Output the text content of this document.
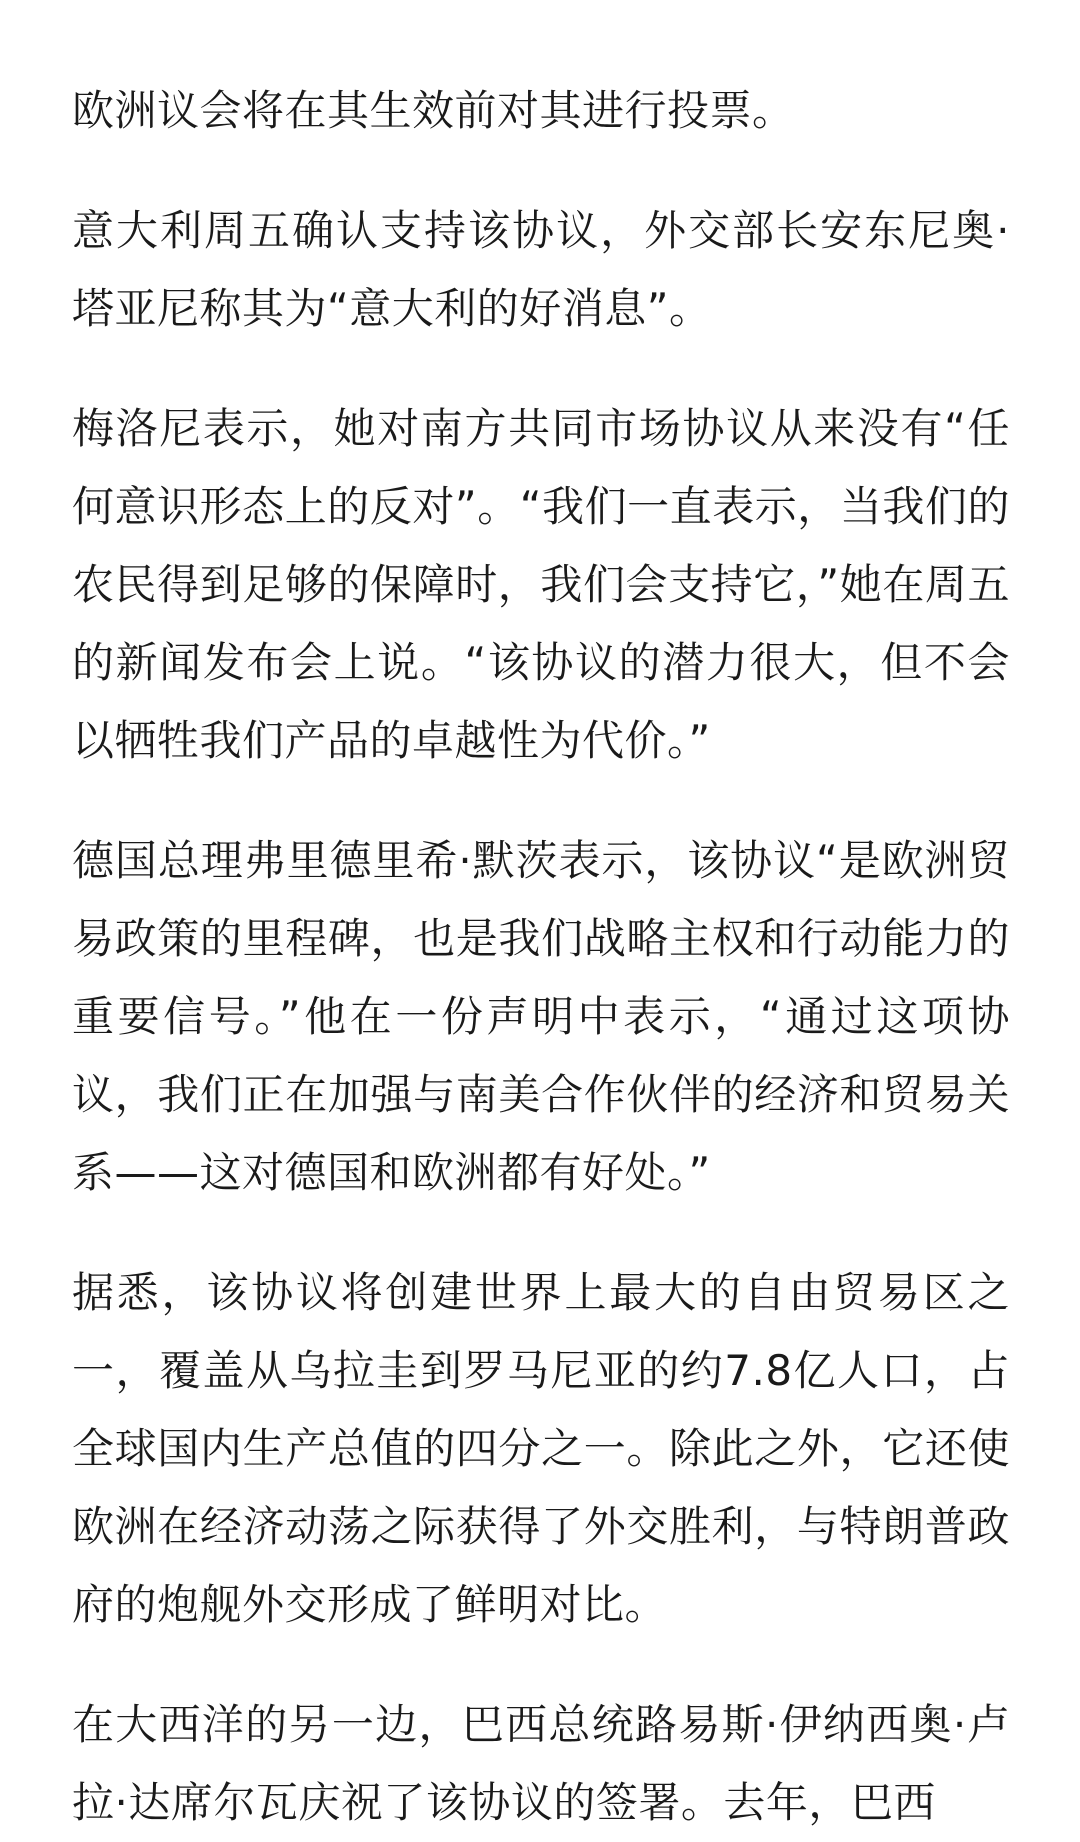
欧洲议会将在其生效前对其进行投票。

意大利周五确认支持该协议，外交部长安东尼奥·塔亚尼称其为“意大利的好消息”。

梅洛尼表示，她对南方共同市场协议从来没有“任何意识形态上的反对”。“我们一直表示，当我们的农民得到足够的保障时，我们会支持它，”她在周五的新闻发布会上说。“该协议的潜力很大，但不会以牺牲我们产品的卓越性为代价。”

德国总理弗里德里希·默茨表示，该协议“是欧洲贸易政策的里程碑，也是我们战略主权和行动能力的重要信号。”他在一份声明中表示，“通过这项协议，我们正在加强与南美合作伙伴的经济和贸易关系——这对德国和欧洲都有好处。”

据悉，该协议将创建世界上最大的自由贸易区之一，覆盖从乌拉圭到罗马尼亚的约7.8亿人口，占全球国内生产总值的四分之一。除此之外，它还使欧洲在经济动荡之际获得了外交胜利，与特朗普政府的炮舰外交形成了鲜明对比。

在大西洋的另一边，巴西总统路易斯·伊纳西奥·卢拉·达席尔瓦庆祝了该协议的签署。去年，巴西
